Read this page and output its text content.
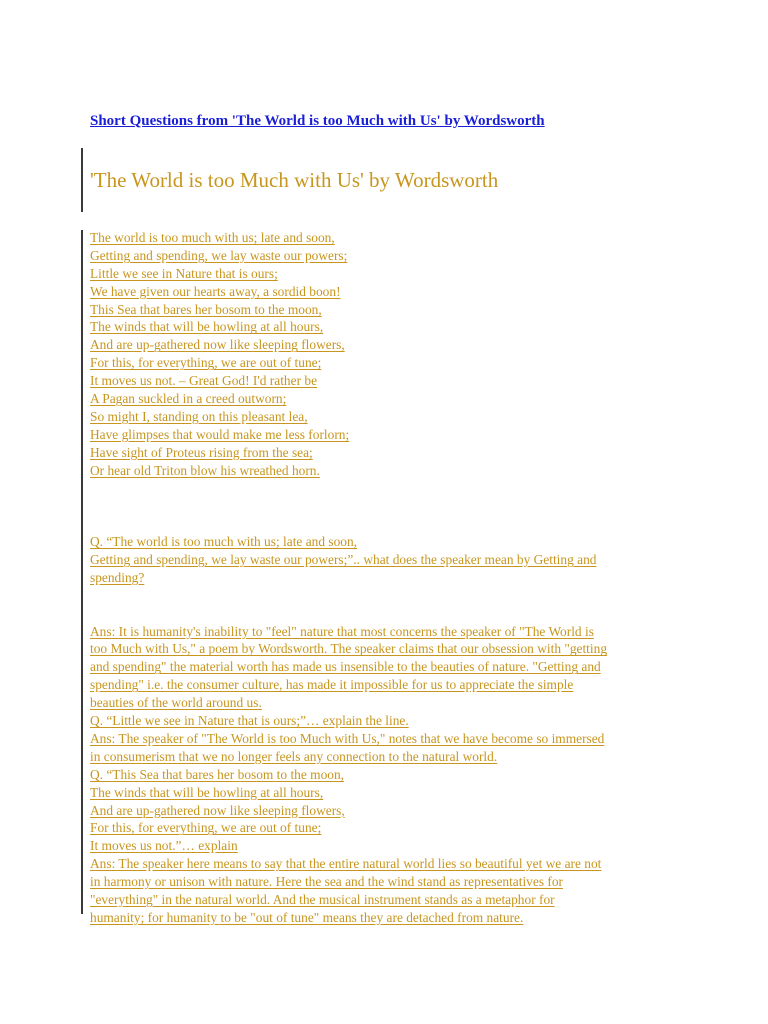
Short Questions from 'The World is too Much with Us' by Wordsworth
'The World is too Much with Us' by Wordsworth
The world is too much with us; late and soon,
Getting and spending, we lay waste our powers;
Little we see in Nature that is ours;
We have given our hearts away, a sordid boon!
This Sea that bares her bosom to the moon,
The winds that will be howling at all hours,
And are up-gathered now like sleeping flowers,
For this, for everything, we are out of tune;
It moves us not. – Great God! I'd rather be
A Pagan suckled in a creed outworn;
So might I, standing on this pleasant lea,
Have glimpses that would make me less forlorn;
Have sight of Proteus rising from the sea;
Or hear old Triton blow his wreathed horn.
Q. “The world is too much with us; late and soon,
Getting and spending, we lay waste our powers;”.. what does the speaker mean by Getting and
spending?
Ans: It is humanity's inability to "feel" nature that most concerns the speaker of "The World is
too Much with Us," a poem by Wordsworth. The speaker claims that our obsession with "getting
and spending" the material worth has made us insensible to the beauties of nature. "Getting and
spending" i.e. the consumer culture, has made it impossible for us to appreciate the simple
beauties of the world around us.
Q. “Little we see in Nature that is ours;”… explain the line.
Ans: The speaker of "The World is too Much with Us," notes that we have become so immersed
in consumerism that we no longer feels any connection to the natural world.
Q. “This Sea that bares her bosom to the moon,
The winds that will be howling at all hours,
And are up-gathered now like sleeping flowers,
For this, for everything, we are out of tune;
It moves us not.”… explain
Ans: The speaker here means to say that the entire natural world lies so beautiful yet we are not
in harmony or unison with nature. Here the sea and the wind stand as representatives for
"everything" in the natural world. And the musical instrument stands as a metaphor for
humanity; for humanity to be "out of tune" means they are detached from nature.
